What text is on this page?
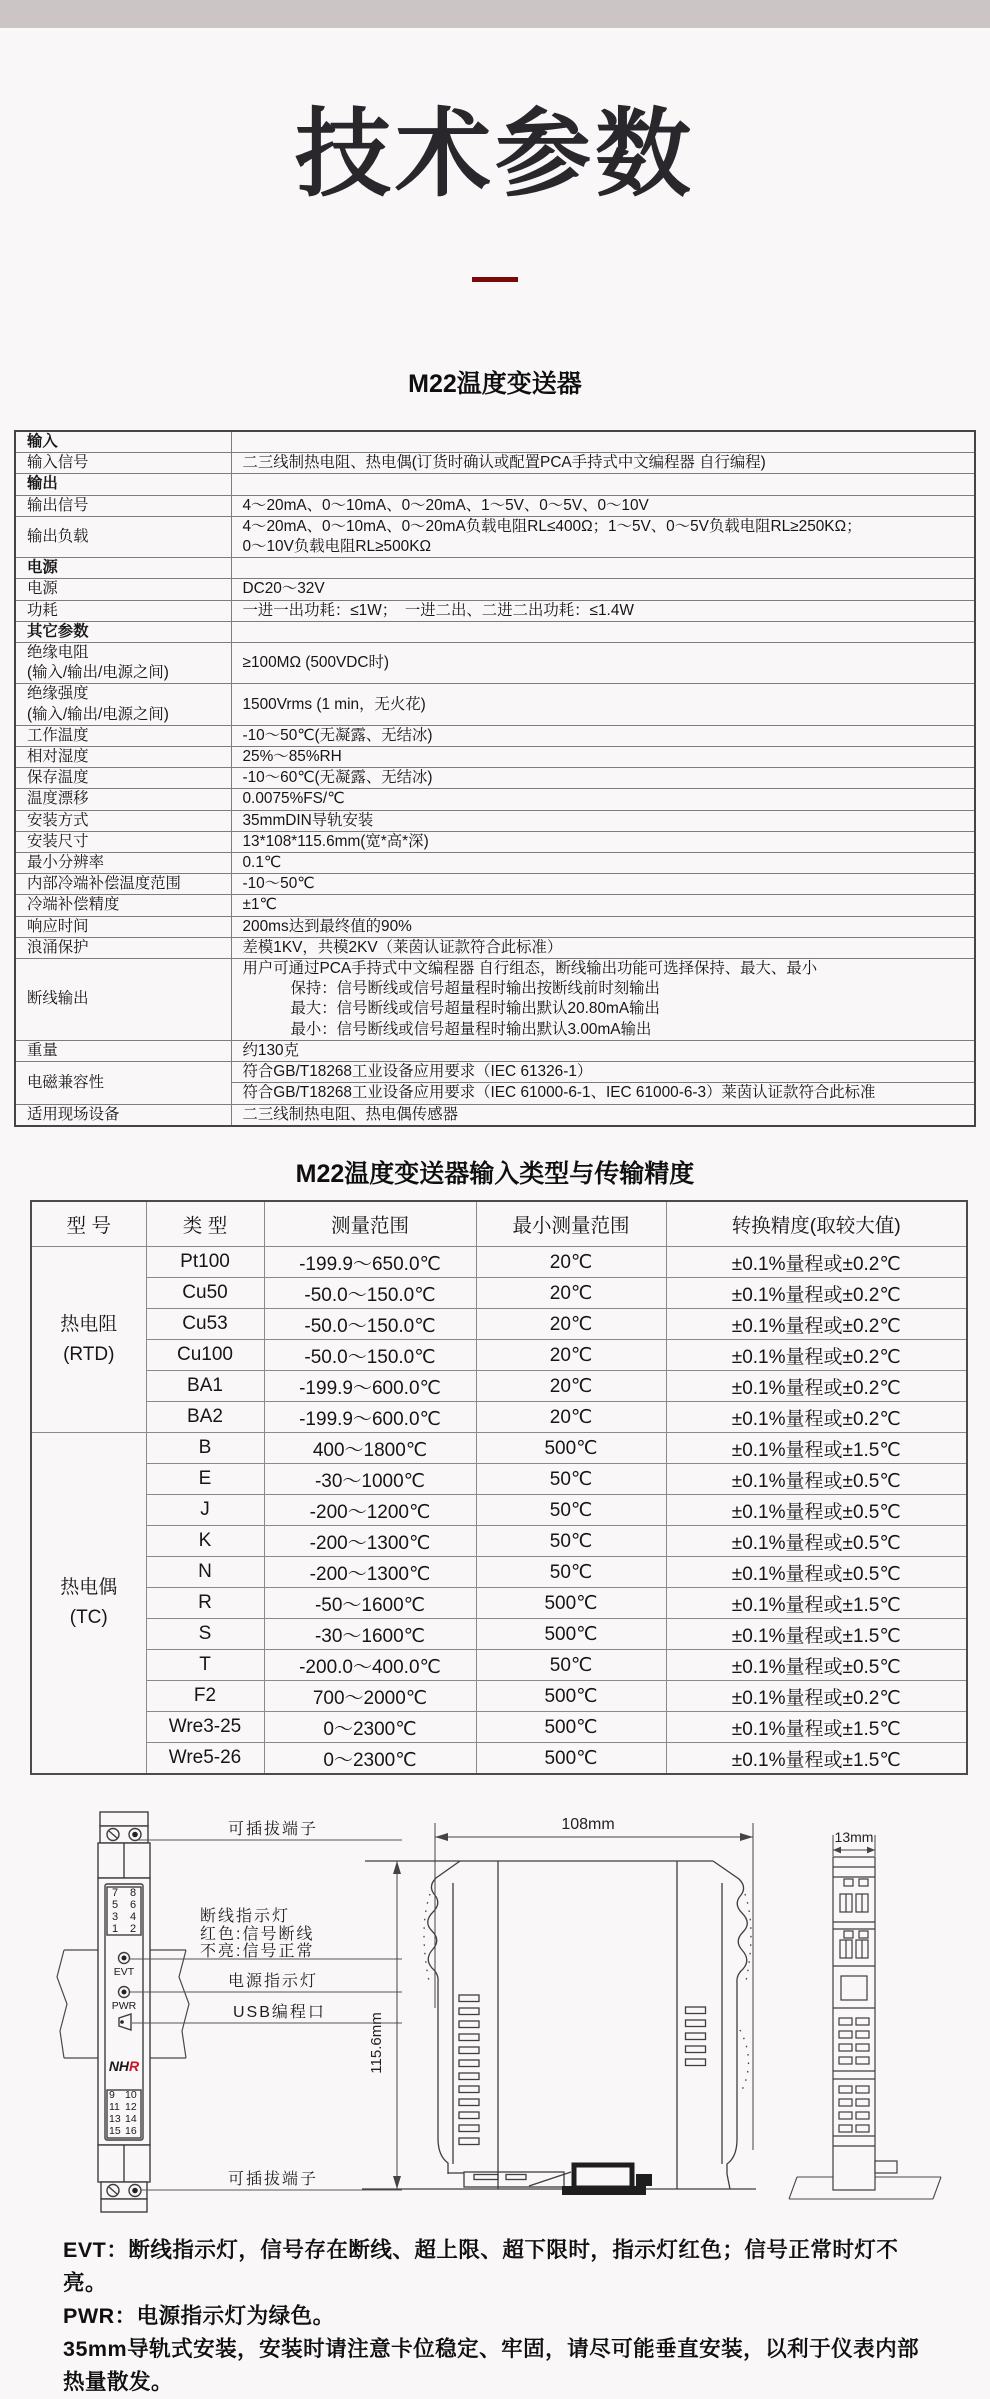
技术参数
M22温度变送器
输入	

输入信号	二三线制热电阻、热电偶(订货时确认或配置PCA手持式中文编程器 自行编程)

输出	

输出信号	4～20mA、0～10mA、0～20mA、1～5V、0～5V、0～10V

输出负载	4～20mA、0～10mA、0～20mA负载电阻RL≤400Ω；1～5V、0～5V负载电阻RL≥250KΩ；
0～10V负载电阻RL≥500KΩ

电源	

电源	DC20～32V

功耗	一进一出功耗：≤1W；　一进二出、二进二出功耗：≤1.4W

其它参数	

绝缘电阻
(输入/输出/电源之间)	≥100MΩ (500VDC时)

绝缘强度
(输入/输出/电源之间)	1500Vrms (1 min，无火花)

工作温度	-10～50℃(无凝露、无结冰)

相对湿度	25%～85%RH

保存温度	-10～60℃(无凝露、无结冰)

温度漂移	0.0075%FS/℃

安装方式	35mmDIN导轨安装

安装尺寸	13*108*115.6mm(宽*高*深)

最小分辨率	0.1℃

内部冷端补偿温度范围	-10～50℃

冷端补偿精度	±1℃

响应时间	200ms达到最终值的90%

浪涌保护	差模1KV，共模2KV（莱茵认证款符合此标准）

断线输出	用户可通过PCA手持式中文编程器 自行组态，断线输出功能可选择保持、最大、最小
保持：信号断线或信号超量程时输出按断线前时刻输出
最大：信号断线或信号超量程时输出默认20.80mA输出
最小：信号断线或信号超量程时输出默认3.00mA输出

重量	约130克

电磁兼容性	符合GB/T18268工业设备应用要求（IEC 61326-1）

	符合GB/T18268工业设备应用要求（IEC 61000-6-1、IEC 61000-6-3）莱茵认证款符合此标准

适用现场设备	二三线制热电阻、热电偶传感器
M22温度变送器输入类型与传输精度
型 号	类 型	测量范围	最小测量范围	转换精度(取较大值)

热电阻
(RTD)	Pt100	-199.9～650.0℃	20℃	±0.1%量程或±0.2℃
	Cu50	-50.0～150.0℃	20℃	±0.1%量程或±0.2℃
	Cu53	-50.0～150.0℃	20℃	±0.1%量程或±0.2℃
	Cu100	-50.0～150.0℃	20℃	±0.1%量程或±0.2℃
	BA1	-199.9～600.0℃	20℃	±0.1%量程或±0.2℃
	BA2	-199.9～600.0℃	20℃	±0.1%量程或±0.2℃

热电偶
(TC)	B	400～1800℃	500℃	±0.1%量程或±1.5℃
	E	-30～1000℃	50℃	±0.1%量程或±0.5℃
	J	-200～1200℃	50℃	±0.1%量程或±0.5℃
	K	-200～1300℃	50℃	±0.1%量程或±0.5℃
	N	-200～1300℃	50℃	±0.1%量程或±0.5℃
	R	-50～1600℃	500℃	±0.1%量程或±1.5℃
	S	-30～1600℃	500℃	±0.1%量程或±1.5℃
	T	-200.0～400.0℃	50℃	±0.1%量程或±0.5℃
	F2	700～2000℃	500℃	±0.1%量程或±0.2℃
	Wre3-25	0～2300℃	500℃	±0.1%量程或±1.5℃
	Wre5-26	0～2300℃	500℃	±0.1%量程或±1.5℃
7 8
5 6
3 4
1 2
9 10
11 12
13 14
15 16
EVT
PWR
NHR
可插拔端子
断线指示灯
红色:信号断线
不亮:信号正常
电源指示灯
USB编程口
可插拔端子
108mm
115.6mm
13mm
EVT：断线指示灯，信号存在断线、超上限、超下限时，指示灯红色；信号正常时灯不亮。
PWR：电源指示灯为绿色。
35mm导轨式安装，安装时请注意卡位稳定、牢固，请尽可能垂直安装，以利于仪表内部热量散发。
